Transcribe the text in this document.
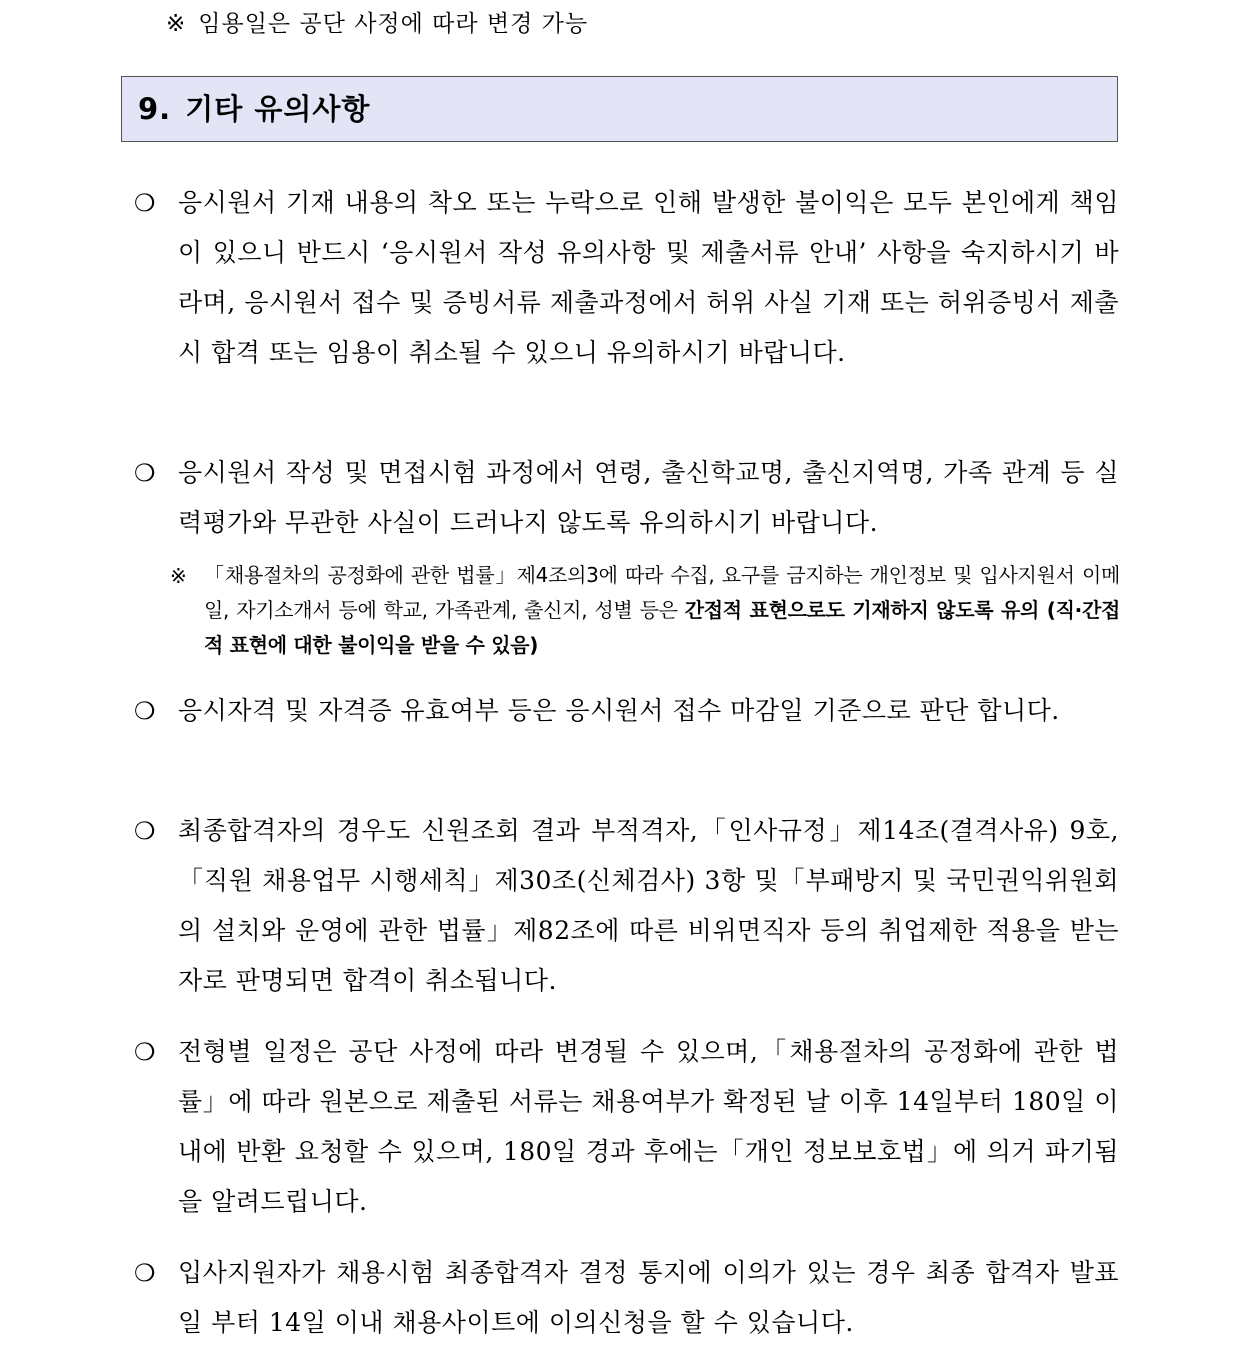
※ 임용일은 공단 사정에 따라 변경 가능
9. 기타 유의사항
❍ 응시원서 기재 내용의 착오 또는 누락으로 인해 발생한 불이익은 모두 본인에게 책임이 있으니 반드시 ‘응시원서 작성 유의사항 및 제출서류 안내’ 사항을 숙지하시기 바라며, 응시원서 접수 및 증빙서류 제출과정에서 허위 사실 기재 또는 허위증빙서 제출 시 합격 또는 임용이 취소될 수 있으니 유의하시기 바랍니다.
❍ 응시원서 작성 및 면접시험 과정에서 연령, 출신학교명, 출신지역명, 가족 관계 등 실력평가와 무관한 사실이 드러나지 않도록 유의하시기 바랍니다.
※ 「채용절차의 공정화에 관한 법률」제4조의3에 따라 수집, 요구를 금지하는 개인정보 및 입사지원서 이메일, 자기소개서 등에 학교, 가족관계, 출신지, 성별 등은 간접적 표현으로도 기재하지 않도록 유의 (직·간접적 표현에 대한 불이익을 받을 수 있음)
❍ 응시자격 및 자격증 유효여부 등은 응시원서 접수 마감일 기준으로 판단 합니다.
❍ 최종합격자의 경우도 신원조회 결과 부적격자,「인사규정」제14조(결격사유) 9호,「직원 채용업무 시행세칙」제30조(신체검사) 3항 및「부패방지 및 국민권익위원회의 설치와 운영에 관한 법률」제82조에 따른 비위면직자 등의 취업제한 적용을 받는 자로 판명되면 합격이 취소됩니다.
❍ 전형별 일정은 공단 사정에 따라 변경될 수 있으며,「채용절차의 공정화에 관한 법률」에 따라 원본으로 제출된 서류는 채용여부가 확정된 날 이후 14일부터 180일 이내에 반환 요청할 수 있으며, 180일 경과 후에는「개인 정보보호법」에 의거 파기됨을 알려드립니다.
❍ 입사지원자가 채용시험 최종합격자 결정 통지에 이의가 있는 경우 최종 합격자 발표일 부터 14일 이내 채용사이트에 이의신청을 할 수 있습니다.
